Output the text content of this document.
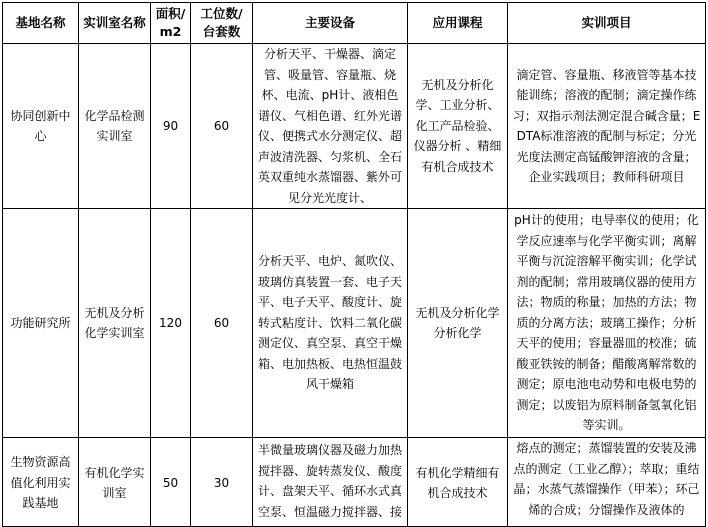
基地名称	实训室名称	面积/m2	工位数/台套数	主要设备	应用课程	实训项目
协同创新中心	化学品检测实训室	90	60	分析天平、干燥器、滴定管、吸量管、容量瓶、烧杯、电流、pH计、液相色谱仪、气相色谱、红外光谱仪、便携式水分测定仪、超声波清洗器、匀浆机、全石英双重纯水蒸馏器、紫外可见分光光度计、	无机及分析化学、工业分析、化工产品检验、仪器分析 、精细有机合成技术	滴定管、容量瓶、移液管等基本技能训练；溶液的配制；滴定操作练习；双指示剂法测定混合碱含量；EDTA标准溶液的配制与标定；分光光度法测定高锰酸钾溶液的含量；企业实践项目；教师科研项目
功能研究所	无机及分析化学实训室	120	60	分析天平、电炉、氮吹仪、玻璃仿真装置一套、电子天平、电子天平、酸度计、旋转式粘度计、饮料二氧化碳测定仪、真空泵、真空干燥箱、电加热板、电热恒温鼓风干燥箱	无机及分析化学分析化学	pH计的使用；电导率仪的使用；化学反应速率与化学平衡实训；离解平衡与沉淀溶解平衡实训；化学试剂的配制；常用玻璃仪器的使用方法；物质的称量；加热的方法；物质的分离方法；玻璃工操作；分析天平的使用；容量器皿的校准；硫酸亚铁铵的制备；醋酸离解常数的测定；原电池电动势和电极电势的测定；以废铝为原料制备氢氧化铝等实训。
生物资源高值化利用实践基地	有机化学实训室	50	30	半微量玻璃仪器及磁力加热搅拌器、旋转蒸发仪、酸度计、盘架天平、循环水式真空泵、恒温磁力搅拌器、接	有机化学精细有机合成技术	熔点的测定；蒸馏装置的安装及沸点的测定（工业乙醇）；萃取；重结晶；水蒸气蒸馏操作（甲苯）；环己烯的合成；分馏操作及液体的
